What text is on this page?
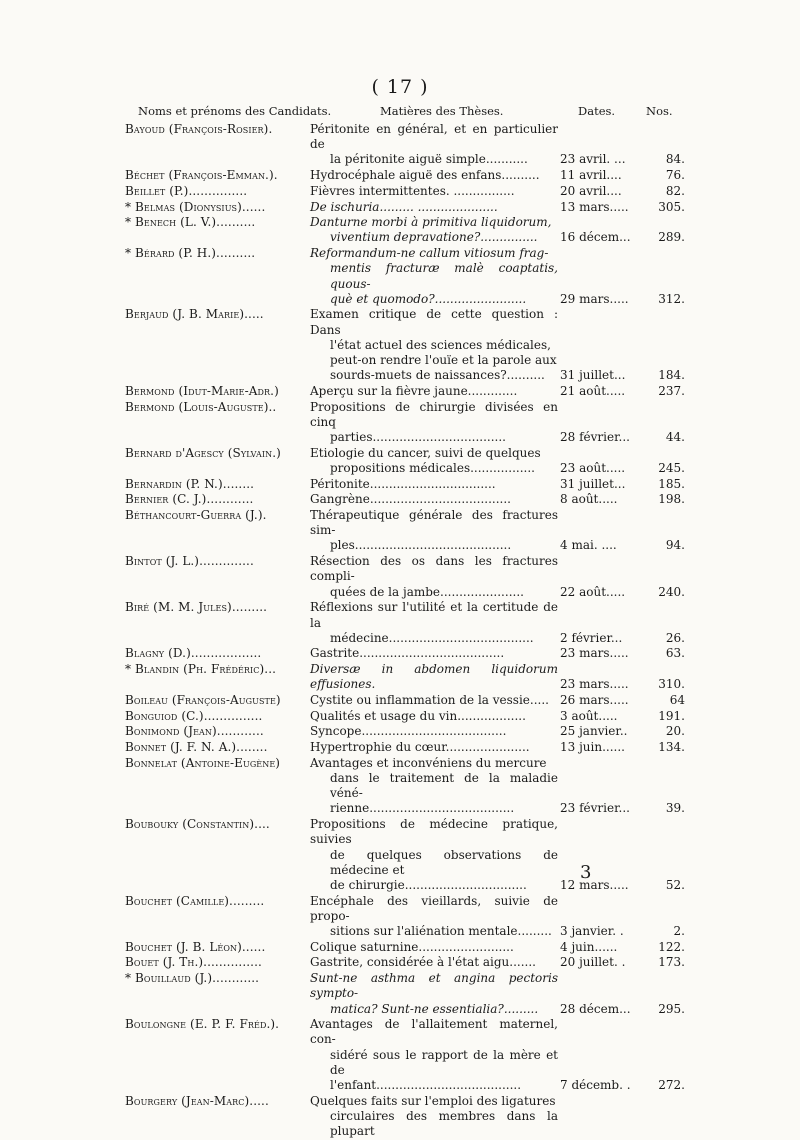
( 17 )
Noms et prénoms des Candidats.	Matières des Thèses.	Dates.	Nos.
Bayoud (François-Rosier).	Péritonite en général, et en particulier de
la péritonite aiguë simple...........	23 avril. ...	84.
Béchet (François-Emman.).	Hydrocéphale aiguë des enfans..........	11 avril....	76.
Beillet (P.)...............	Fièvres intermittentes. ................	20 avril....	82.
* Belmas (Dionysius)......	De ischuria......... .....................	13 mars.....	305.
* Benech (L. V.)..........	Danturne morbi à primitiva liquidorum,
viventium depravatione?...............	16 décem...	289.
* Bérard (P. H.)..........	Reformandum-ne callum vitiosum frag-
mentis fracturæ malè coaptatis, quous-
què et quomodo?........................	29 mars.....	312.
Berjaud (J. B. Marie).....	Examen critique de cette question : Dans
l'état actuel des sciences médicales,
peut-on rendre l'ouïe et la parole aux
sourds-muets de naissances?..........	31 juillet...	184.
Bermond (Idut-Marie-Adr.)	Aperçu sur la fièvre jaune.............	21 août.....	237.
Bermond (Louis-Auguste)..	Propositions de chirurgie divisées en cinq
parties...................................	28 février...	44.
Bernard d'Agescy (Sylvain.)	Etiologie du cancer, suivi de quelques
propositions médicales.................	23 août.....	245.
Bernardin (P. N.)........	Péritonite.................................	31 juillet...	185.
Bernier (C. J.)............	Gangrène.....................................	8 août.....	198.
Béthancourt-Guerra (J.).	Thérapeutique générale des fractures sim-
ples.........................................	4 mai. ....	94.
Bintot (J. L.)..............	Résection des os dans les fractures compli-
quées de la jambe......................	22 août.....	240.
Biré (M. M. Jules).........	Réflexions sur l'utilité et la certitude de la
médecine......................................	2 février...	26.
Blagny (D.)..................	Gastrite......................................	23 mars.....	63.
* Blandin (Ph. Frédéric)...	Diversæ in abdomen liquidorum effusiones.	23 mars.....	310.
Boileau (François-Auguste)	Cystite ou inflammation de la vessie..... 26 mars.....	64
Bonguiod (C.)...............	Qualités et usage du vin..................	3 août.....	191.
Bonimond (Jean)............	Syncope......................................	25 janvier..	20.
Bonnet (J. F. N. A.)........	Hypertrophie du cœur......................	13 juin......	134.
Bonnelat (Antoine-Eugène)	Avantages et inconvéniens du mercure
dans le traitement de la maladie véné-
rienne......................................	23 février...	39.
Boubouky (Constantin)....	Propositions de médecine pratique, suivies
de quelques observations de médecine et
de chirurgie................................	12 mars.....	52.
Bouchet (Camille).........	Encéphale des vieillards, suivie de propo-
sitions sur l'aliénation mentale......... 3 janvier. .	2.
Bouchet (J. B. Léon)......	Colique saturnine.........................	4 juin......	122.
Bouet (J. Th.)...............	Gastrite, considérée à l'état aigu.......	20 juillet. .	173.
* Bouillaud (J.)............	Sunt-ne asthma et angina pectoris sympto-
matica? Sunt-ne essentialia?.........	28 décem...	295.
Boulongne (E. P. F. Fréd.).	Avantages de l'allaitement maternel, con-
sidéré sous le rapport de la mère et de
l'enfant......................................	7 décemb. .	272.
Bourgery (Jean-Marc).....	Quelques faits sur l'emploi des ligatures
circulaires des membres dans la plupart
3
